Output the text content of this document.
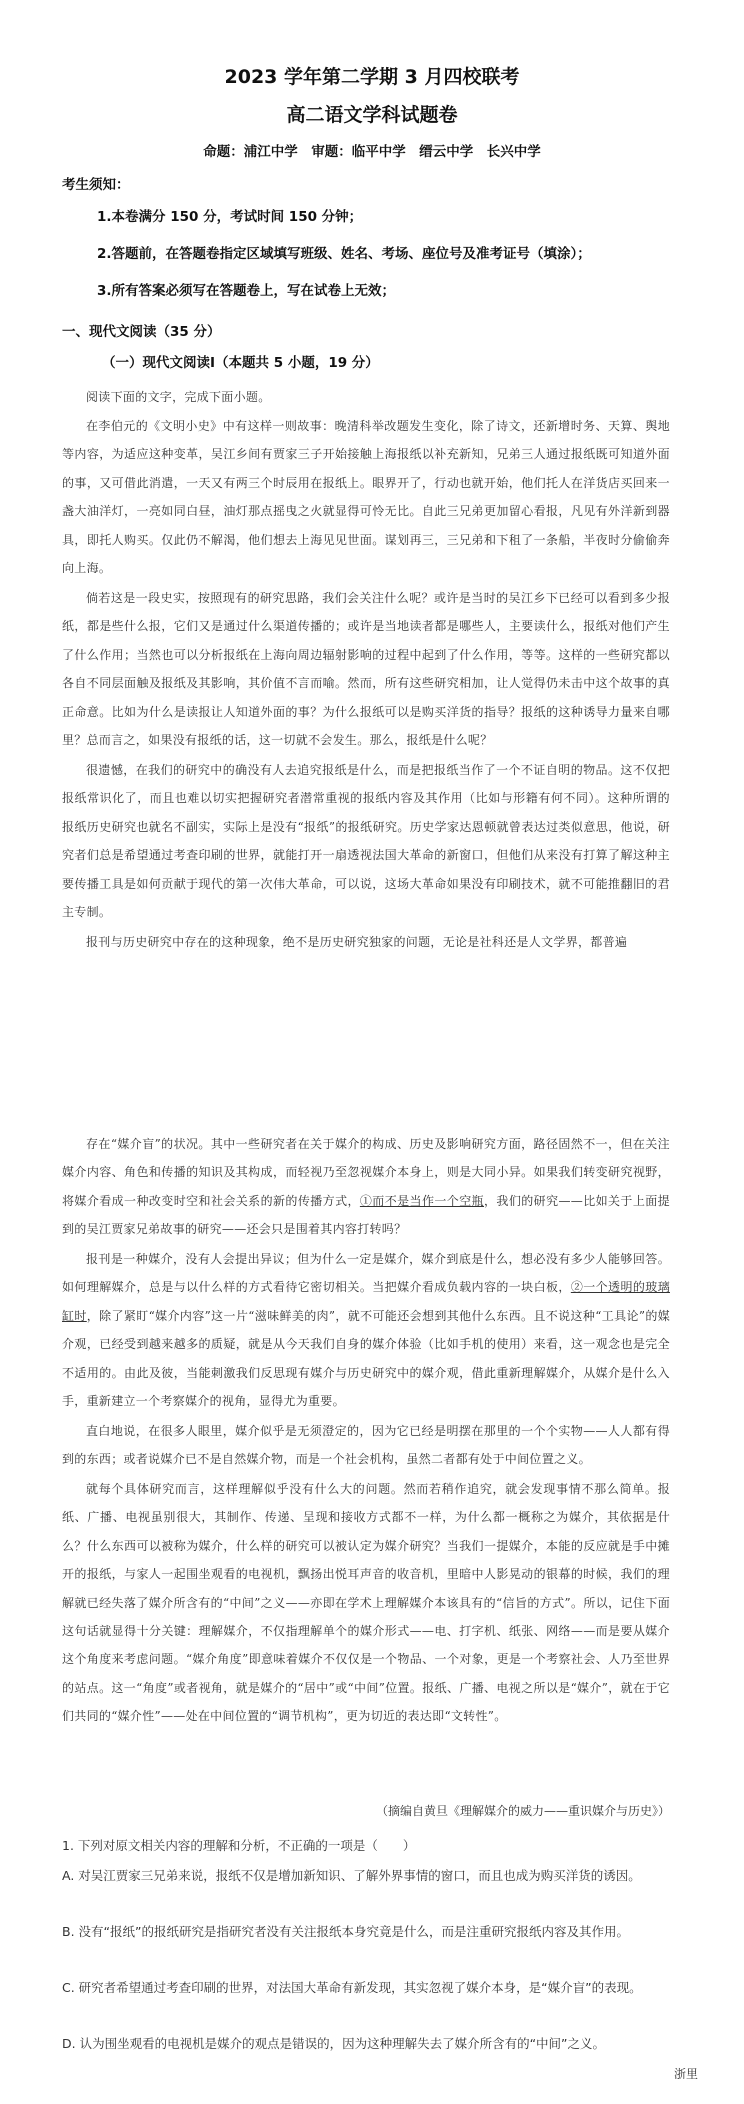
2023 学年第二学期 3 月四校联考
高二语文学科试题卷
命题：浦江中学　审题：临平中学　缙云中学　长兴中学
考生须知：
1.本卷满分 150 分，考试时间 150 分钟；
2.答题前，在答题卷指定区域填写班级、姓名、考场、座位号及准考证号（填涂）；
3.所有答案必须写在答题卷上，写在试卷上无效；
一、现代文阅读（35 分）
（一）现代文阅读Ⅰ（本题共 5 小题，19 分）
阅读下面的文字，完成下面小题。
在李伯元的《文明小史》中有这样一则故事：晚清科举改题发生变化，除了诗文，还新增时务、天算、舆地等内容，为适应这种变革，吴江乡间有贾家三子开始接触上海报纸以补充新知，兄弟三人通过报纸既可知道外面的事，又可借此消遣，一天又有两三个时辰用在报纸上。眼界开了，行动也就开始，他们托人在洋货店买回来一盏大油洋灯，一亮如同白昼，油灯那点摇曳之火就显得可怜无比。自此三兄弟更加留心看报，凡见有外洋新到器具，即托人购买。仅此仍不解渴，他们想去上海见见世面。谋划再三，三兄弟和下租了一条船，半夜时分偷偷奔向上海。
倘若这是一段史实，按照现有的研究思路，我们会关注什么呢？或许是当时的吴江乡下已经可以看到多少报纸，都是些什么报，它们又是通过什么渠道传播的；或许是当地读者都是哪些人，主要读什么，报纸对他们产生了什么作用；当然也可以分析报纸在上海向周边辐射影响的过程中起到了什么作用，等等。这样的一些研究都以各自不同层面触及报纸及其影响，其价值不言而喻。然而，所有这些研究相加，让人觉得仍未击中这个故事的真正命意。比如为什么是读报让人知道外面的事？为什么报纸可以是购买洋货的指导？报纸的这种诱导力量来自哪里？总而言之，如果没有报纸的话，这一切就不会发生。那么，报纸是什么呢？
很遗憾，在我们的研究中的确没有人去追究报纸是什么，而是把报纸当作了一个不证自明的物品。这不仅把报纸常识化了，而且也难以切实把握研究者潜常重视的报纸内容及其作用（比如与形籍有何不同）。这种所谓的报纸历史研究也就名不副实，实际上是没有“报纸”的报纸研究。历史学家达恩顿就曾表达过类似意思，他说，研究者们总是希望通过考查印刷的世界，就能打开一扇透视法国大革命的新窗口，但他们从来没有打算了解这种主要传播工具是如何贡献于现代的第一次伟大革命，可以说，这场大革命如果没有印刷技术，就不可能推翻旧的君主专制。
报刊与历史研究中存在的这种现象，绝不是历史研究独家的问题，无论是社科还是人文学界，都普遍
存在“媒介盲”的状况。其中一些研究者在关于媒介的构成、历史及影响研究方面，路径固然不一，但在关注媒介内容、角色和传播的知识及其构成，而轻视乃至忽视媒介本身上，则是大同小异。如果我们转变研究视野，将媒介看成一种改变时空和社会关系的新的传播方式，①而不是当作一个空瓶，我们的研究——比如关于上面提到的吴江贾家兄弟故事的研究——还会只是围着其内容打转吗？
报刊是一种媒介，没有人会提出异议；但为什么一定是媒介，媒介到底是什么，想必没有多少人能够回答。如何理解媒介，总是与以什么样的方式看待它密切相关。当把媒介看成负载内容的一块白板，②一个透明的玻璃缸时，除了紧盯“媒介内容”这一片“滋味鲜美的肉”，就不可能还会想到其他什么东西。且不说这种“工具论”的媒介观，已经受到越来越多的质疑，就是从今天我们自身的媒介体验（比如手机的使用）来看，这一观念也是完全不适用的。由此及彼，当能刺激我们反思现有媒介与历史研究中的媒介观，借此重新理解媒介，从媒介是什么入手，重新建立一个考察媒介的视角，显得尤为重要。
直白地说，在很多人眼里，媒介似乎是无须澄定的，因为它已经是明摆在那里的一个个实物——人人都有得到的东西；或者说媒介已不是自然媒介物，而是一个社会机构，虽然二者都有处于中间位置之义。
就每个具体研究而言，这样理解似乎没有什么大的问题。然而若稍作追究，就会发现事情不那么简单。报纸、广播、电视虽别很大，其制作、传递、呈现和接收方式都不一样，为什么都一概称之为媒介，其依据是什么？什么东西可以被称为媒介，什么样的研究可以被认定为媒介研究？当我们一提媒介，本能的反应就是手中摊开的报纸，与家人一起围坐观看的电视机，飘扬出悦耳声音的收音机，里暗中人影晃动的银幕的时候，我们的理解就已经失落了媒介所含有的“中间”之义——亦即在学术上理解媒介本该具有的“信旨的方式”。所以，记住下面这句话就显得十分关键：理解媒介，不仅指理解单个的媒介形式——电、打字机、纸张、网络——而是要从媒介这个角度来考虑问题。“媒介角度”即意味着媒介不仅仅是一个物品、一个对象，更是一个考察社会、人乃至世界的站点。这一“角度”或者视角，就是媒介的“居中”或“中间”位置。报纸、广播、电视之所以是“媒介”，就在于它们共同的“媒介性”——处在中间位置的“调节机构”，更为切近的表达即“文转性”。
（摘编自黄旦《理解媒介的威力——重识媒介与历史》）
1. 下列对原文相关内容的理解和分析，不正确的一项是（　　）
A. 对吴江贾家三兄弟来说，报纸不仅是增加新知识、了解外界事情的窗口，而且也成为购买洋货的诱因。
B. 没有“报纸”的报纸研究是指研究者没有关注报纸本身究竟是什么，而是注重研究报纸内容及其作用。
C. 研究者希望通过考查印刷的世界，对法国大革命有新发现，其实忽视了媒介本身，是“媒介盲”的表现。
D. 认为围坐观看的电视机是媒介的观点是错误的，因为这种理解失去了媒介所含有的“中间”之义。
浙里
